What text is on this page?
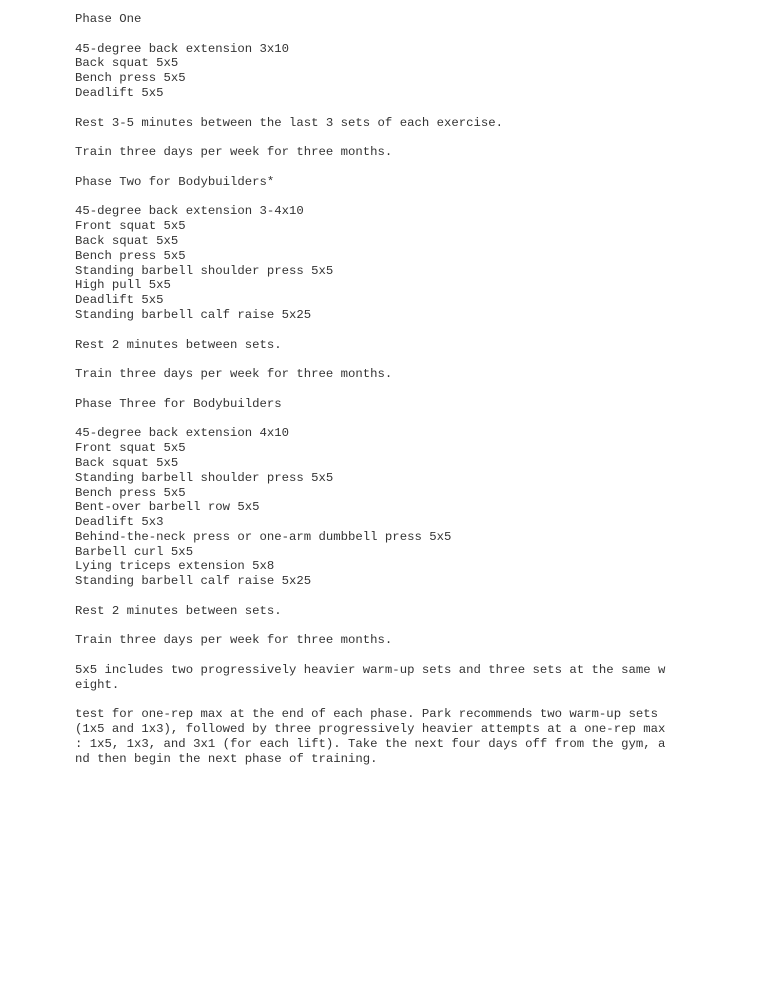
Phase One
45-degree back extension 3x10
Back squat 5x5
Bench press 5x5
Deadlift 5x5
Rest 3-5 minutes between the last 3 sets of each exercise.
Train three days per week for three months.
Phase Two for Bodybuilders*
45-degree back extension 3-4x10
Front squat 5x5
Back squat 5x5
Bench press 5x5
Standing barbell shoulder press 5x5
High pull 5x5
Deadlift 5x5
Standing barbell calf raise 5x25
Rest 2 minutes between sets.
Train three days per week for three months.
Phase Three for Bodybuilders
45-degree back extension 4x10
Front squat 5x5
Back squat 5x5
Standing barbell shoulder press 5x5
Bench press 5x5
Bent-over barbell row 5x5
Deadlift 5x3
Behind-the-neck press or one-arm dumbbell press 5x5
Barbell curl 5x5
Lying triceps extension 5x8
Standing barbell calf raise 5x25
Rest 2 minutes between sets.
Train three days per week for three months.
5x5 includes two progressively heavier warm-up sets and three sets at the same w
eight.
test for one-rep max at the end of each phase. Park recommends two warm-up sets
(1x5 and 1x3), followed by three progressively heavier attempts at a one-rep max
: 1x5, 1x3, and 3x1 (for each lift). Take the next four days off from the gym, a
nd then begin the next phase of training.
